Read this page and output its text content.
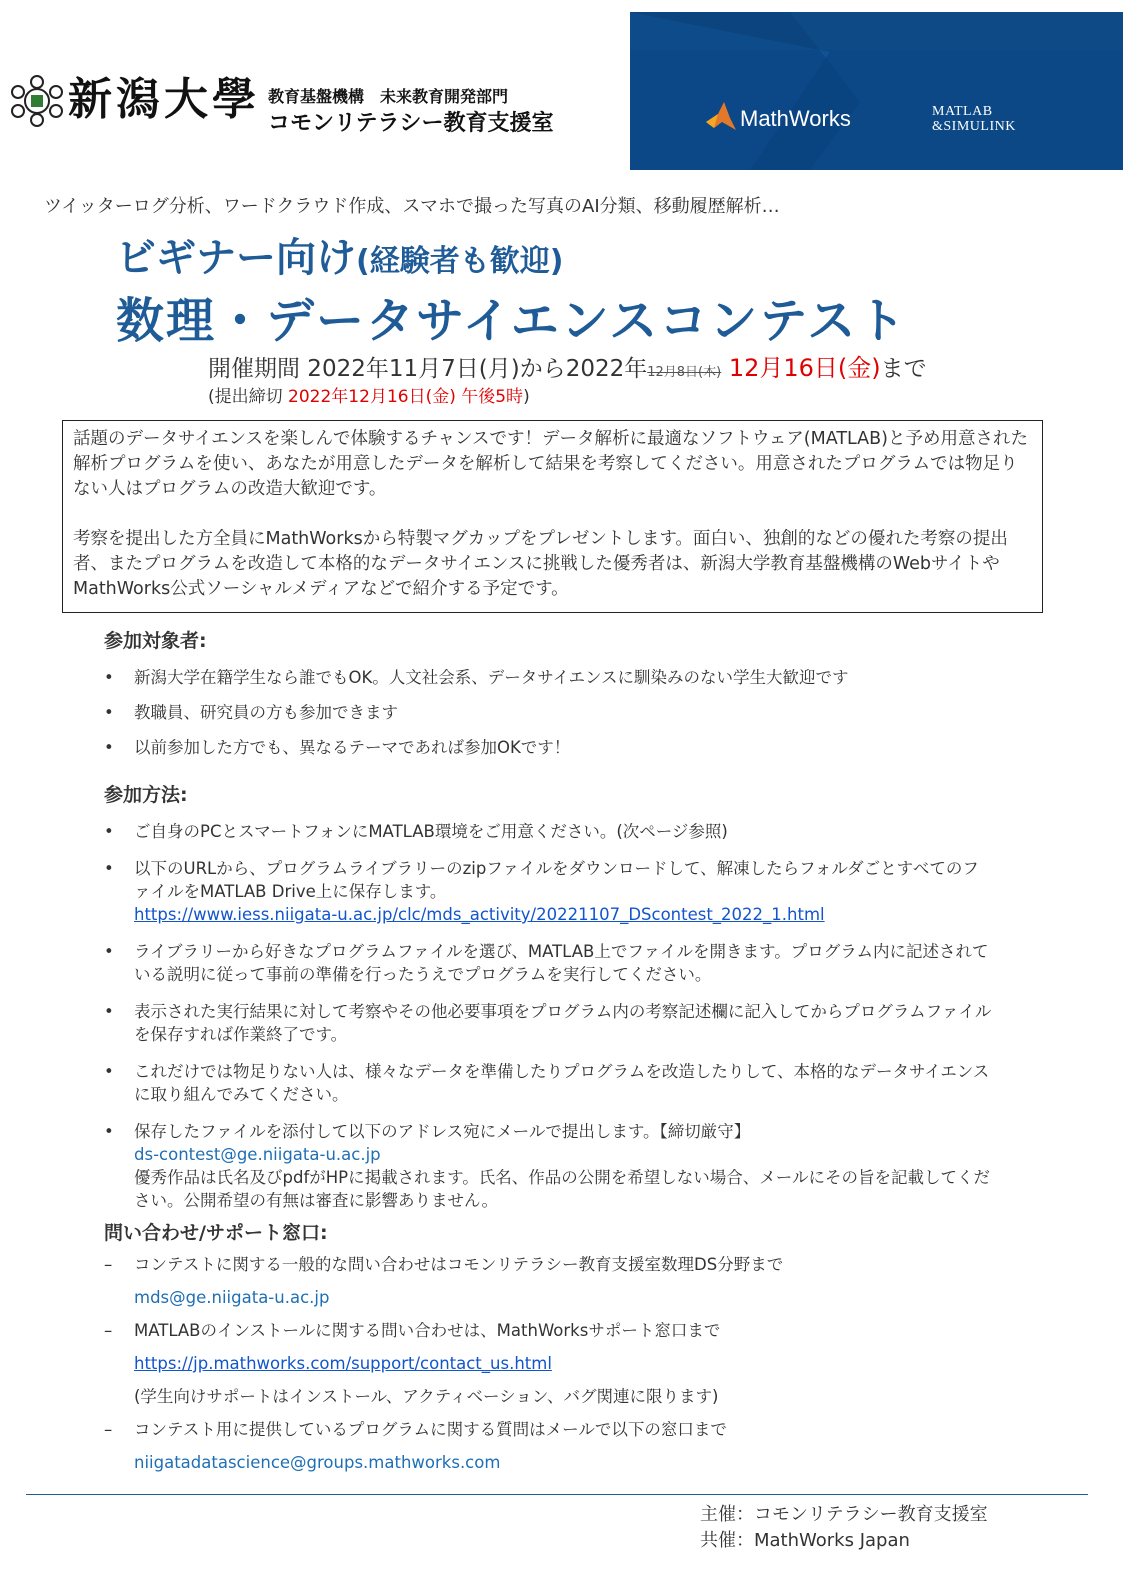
新潟大學 教育基盤機構　未来教育開発部門
コモンリテラシー教育支援室	MathWorks	MATLAB
&SIMULINK
ツイッターログ分析、ワードクラウド作成、スマホで撮った写真のAI分類、移動履歴解析…
ビギナー向け(経験者も歓迎)
数理・データサイエンスコンテスト
開催期間 2022年11月7日(月)から2022年12月8日(木) 12月16日(金)まで
(提出締切 2022年12月16日(金) 午後5時)

話題のデータサイエンスを楽しんで体験するチャンスです！データ解析に最適なソフトウェア(MATLAB)と予め用意された解析プログラムを使い、あなたが用意したデータを解析して結果を考察してください。用意されたプログラムでは物足りない人はプログラムの改造大歓迎です。

考察を提出した方全員にMathWorksから特製マグカップをプレゼントします。面白い、独創的などの優れた考察の提出者、またプログラムを改造して本格的なデータサイエンスに挑戦した優秀者は、新潟大学教育基盤機構のWebサイトやMathWorks公式ソーシャルメディアなどで紹介する予定です。

参加対象者:
• 新潟大学在籍学生なら誰でもOK。人文社会系、データサイエンスに馴染みのない学生大歓迎です
• 教職員、研究員の方も参加できます
• 以前参加した方でも、異なるテーマであれば参加OKです！
参加方法:
• ご自身のPCとスマートフォンにMATLAB環境をご用意ください。(次ページ参照)
• 以下のURLから、プログラムライブラリーのzipファイルをダウンロードして、解凍したらフォルダごとすべてのファイルをMATLAB Drive上に保存します。
https://www.iess.niigata-u.ac.jp/clc/mds_activity/20221107_DScontest_2022_1.html
• ライブラリーから好きなプログラムファイルを選び、MATLAB上でファイルを開きます。プログラム内に記述されている説明に従って事前の準備を行ったうえでプログラムを実行してください。
• 表示された実行結果に対して考察やその他必要事項をプログラム内の考察記述欄に記入してからプログラムファイルを保存すれば作業終了です。
• これだけでは物足りない人は、様々なデータを準備したりプログラムを改造したりして、本格的なデータサイエンスに取り組んでみてください。
• 保存したファイルを添付して以下のアドレス宛にメールで提出します。【締切厳守】
ds-contest@ge.niigata-u.ac.jp
優秀作品は氏名及びpdfがHPに掲載されます。氏名、作品の公開を希望しない場合、メールにその旨を記載してください。公開希望の有無は審査に影響ありません。
問い合わせ/サポート窓口:
– コンテストに関する一般的な問い合わせはコモンリテラシー教育支援室数理DS分野まで
mds@ge.niigata-u.ac.jp
– MATLABのインストールに関する問い合わせは、MathWorksサポート窓口まで
https://jp.mathworks.com/support/contact_us.html
(学生向けサポートはインストール、アクティベーション、バグ関連に限ります)
– コンテスト用に提供しているプログラムに関する質問はメールで以下の窓口まで
niigatadatascience@groups.mathworks.com
主催：コモンリテラシー教育支援室
共催：MathWorks Japan
